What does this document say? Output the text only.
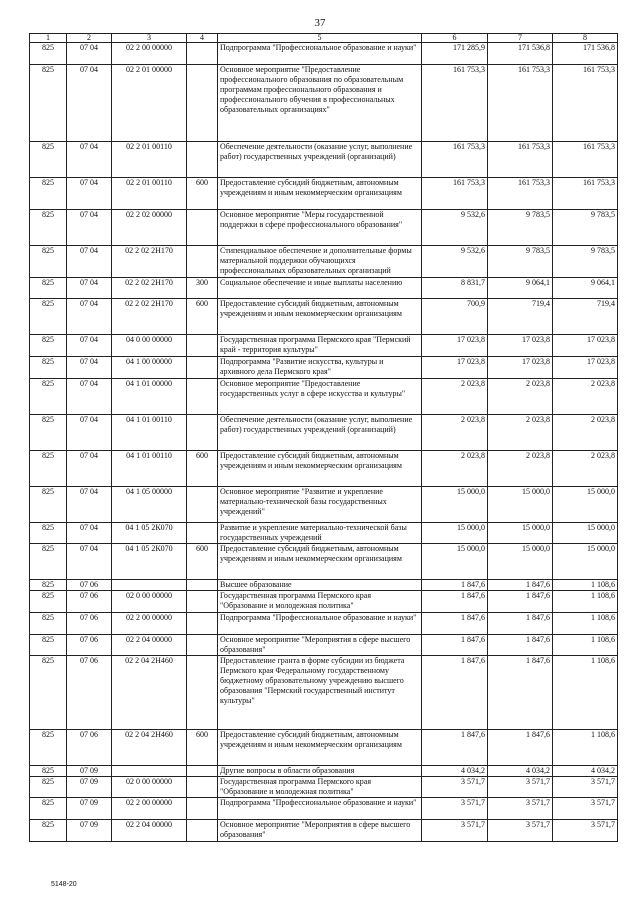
37
1	2	3	4	5	6	7	8
825	07 04	02 2 00 00000		Подпрограмма "Профессиональное образование и науки"	171 285,9	171 536,8	171 536,8
825	07 04	02 2 01 00000		Основное мероприятие "Предоставление профессионального образования по образовательным программам профессионального образования и профессионального обучения в профессиональных образовательных организациях"	161 753,3	161 753,3	161 753,3
825	07 04	02 2 01 00110		Обеспечение деятельности (оказание услуг, выполнение работ) государственных учреждений (организаций)	161 753,3	161 753,3	161 753,3
825	07 04	02 2 01 00110	600	Предоставление субсидий бюджетным, автономным учреждениям и иным некоммерческим организациям	161 753,3	161 753,3	161 753,3
825	07 04	02 2 02 00000		Основное мероприятие "Меры государственной поддержки в сфере профессионального образования"	9 532,6	9 783,5	9 783,5
825	07 04	02 2 02 2Н170		Стипендиальное обеспечение и дополнительные формы материальной поддержки обучающихся профессиональных образовательных организаций	9 532,6	9 783,5	9 783,5
825	07 04	02 2 02 2Н170	300	Социальное обеспечение и иные выплаты населению	8 831,7	9 064,1	9 064,1
825	07 04	02 2 02 2Н170	600	Предоставление субсидий бюджетным, автономным учреждениям и иным некоммерческим организациям	700,9	719,4	719,4
825	07 04	04 0 00 00000		Государственная программа Пермского края "Пермский край - территория культуры"	17 023,8	17 023,8	17 023,8
825	07 04	04 1 00 00000		Подпрограмма "Развитие искусства, культуры и архивного дела Пермского края"	17 023,8	17 023,8	17 023,8
825	07 04	04 1 01 00000		Основное мероприятие "Предоставление государственных услуг в сфере искусства и культуры"	2 023,8	2 023,8	2 023,8
825	07 04	04 1 01 00110		Обеспечение деятельности (оказание услуг, выполнение работ) государственных учреждений (организаций)	2 023,8	2 023,8	2 023,8
825	07 04	04 1 01 00110	600	Предоставление субсидий бюджетным, автономным учреждениям и иным некоммерческим организациям	2 023,8	2 023,8	2 023,8
825	07 04	04 1 05 00000		Основное мероприятие "Развитие и укрепление материально-технической базы государственных учреждений"	15 000,0	15 000,0	15 000,0
825	07 04	04 1 05 2К070		Развитие и укрепление материально-технической базы государственных учреждений	15 000,0	15 000,0	15 000,0
825	07 04	04 1 05 2К070	600	Предоставление субсидий бюджетным, автономным учреждениям и иным некоммерческим организациям	15 000,0	15 000,0	15 000,0
825	07 06			Высшее образование	1 847,6	1 847,6	1 108,6
825	07 06	02 0 00 00000		Государственная программа Пермского края "Образование и молодежная политика"	1 847,6	1 847,6	1 108,6
825	07 06	02 2 00 00000		Подпрограмма "Профессиональное образование и науки"	1 847,6	1 847,6	1 108,6
825	07 06	02 2 04 00000		Основное мероприятие "Мероприятия в сфере высшего образования"	1 847,6	1 847,6	1 108,6
825	07 06	02 2 04 2Н460		Предоставление гранта в форме субсидии из бюджета Пермского края Федеральному государственному бюджетному образовательному учреждению высшего образования "Пермский государственный институт культуры"	1 847,6	1 847,6	1 108,6
825	07 06	02 2 04 2Н460	600	Предоставление субсидий бюджетным, автономным учреждениям и иным некоммерческим организациям	1 847,6	1 847,6	1 108,6
825	07 09			Другие вопросы в области образования	4 034,2	4 034,2	4 034,2
825	07 09	02 0 00 00000		Государственная программа Пермского края "Образование и молодежная политика"	3 571,7	3 571,7	3 571,7
825	07 09	02 2 00 00000		Подпрограмма "Профессиональное образование и науки"	3 571,7	3 571,7	3 571,7
825	07 09	02 2 04 00000		Основное мероприятие "Мероприятия в сфере высшего образования"	3 571,7	3 571,7	3 571,7
5148-20
